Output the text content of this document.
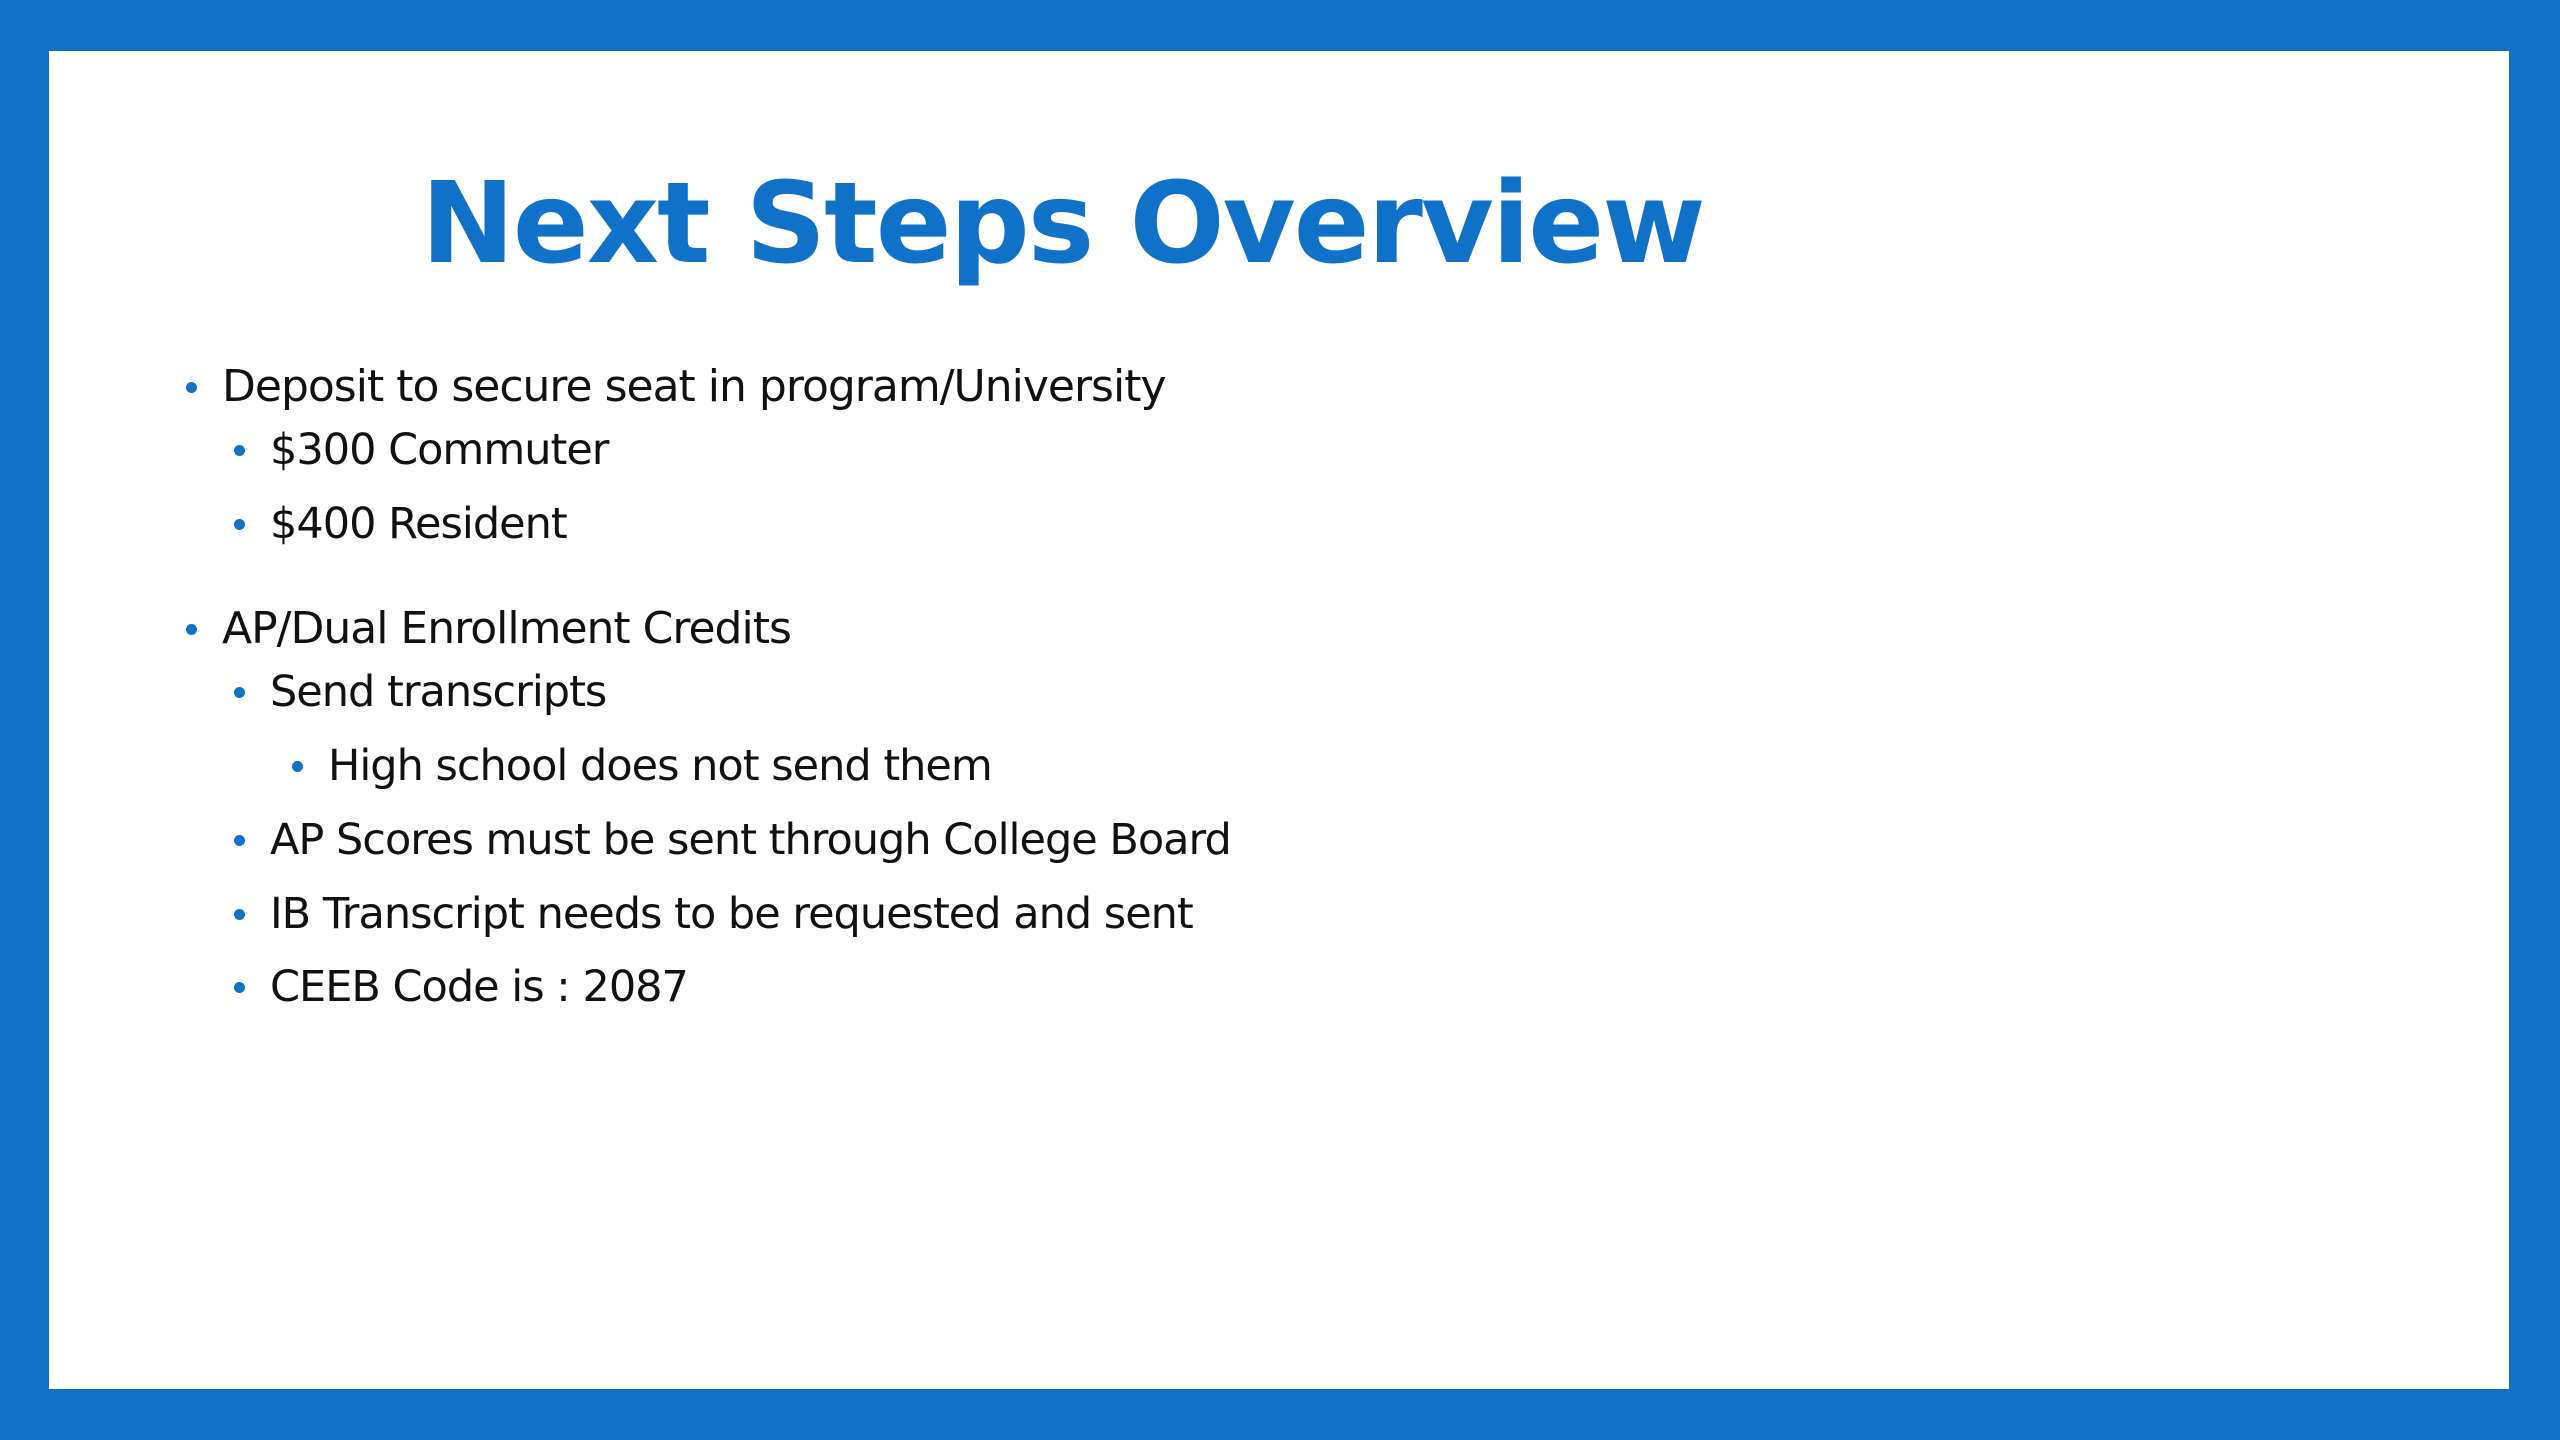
Next Steps Overview
Deposit to secure seat in program/University
$300 Commuter
$400 Resident
AP/Dual Enrollment Credits
Send transcripts
High school does not send them
AP Scores must be sent through College Board
IB Transcript needs to be requested and sent
CEEB Code is : 2087
